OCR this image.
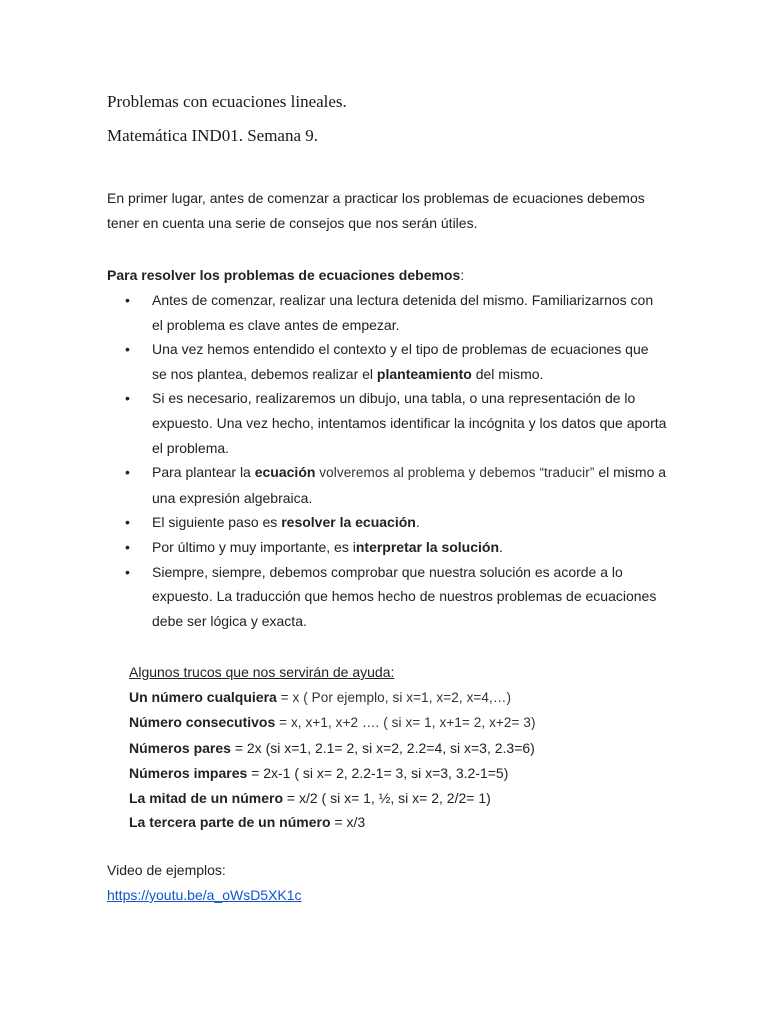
Problemas con ecuaciones lineales.
Matemática IND01. Semana 9.
En primer lugar, antes de comenzar a practicar los problemas de ecuaciones debemos tener en cuenta una serie de consejos que nos serán útiles.
Para resolver los problemas de ecuaciones debemos:
• Antes de comenzar, realizar una lectura detenida del mismo. Familiarizarnos con el problema es clave antes de empezar.
• Una vez hemos entendido el contexto y el tipo de problemas de ecuaciones que se nos plantea, debemos realizar el planteamiento del mismo.
• Si es necesario, realizaremos un dibujo, una tabla, o una representación de lo expuesto. Una vez hecho, intentamos identificar la incógnita y los datos que aporta el problema.
• Para plantear la ecuación volveremos al problema y debemos “traducir” el mismo a una expresión algebraica.
• El siguiente paso es resolver la ecuación.
• Por último y muy importante, es interpretar la solución.
• Siempre, siempre, debemos comprobar que nuestra solución es acorde a lo expuesto. La traducción que hemos hecho de nuestros problemas de ecuaciones debe ser lógica y exacta.
Algunos trucos que nos servirán de ayuda:
Un número cualquiera = x ( Por ejemplo, si x=1, x=2, x=4,…)
Número consecutivos = x, x+1, x+2 …. ( si x= 1, x+1= 2, x+2= 3)
Números pares = 2x (si x=1, 2.1= 2, si x=2, 2.2=4, si x=3, 2.3=6)
Números impares = 2x-1 ( si x= 2, 2.2-1= 3, si x=3, 3.2-1=5)
La mitad de un número = x/2 ( si x= 1, ½, si x= 2, 2/2= 1)
La tercera parte de un número = x/3
Video de ejemplos:
https://youtu.be/a_oWsD5XK1c
